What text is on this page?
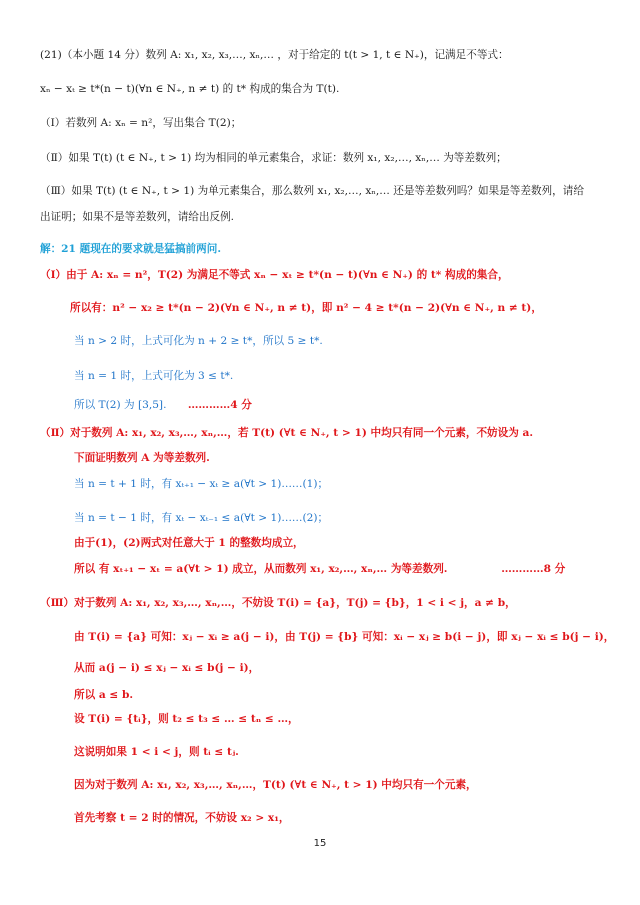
(21)（本小题 14 分）数列 A: x₁, x₂, x₃,…, xₙ,… ，对于给定的 t(t > 1, t ∈ N₊)，记满足不等式：
xₙ − xₜ ≥ t*(n − t)(∀n ∈ N₊, n ≠ t) 的 t* 构成的集合为 T(t).
（Ⅰ）若数列 A: xₙ = n²，写出集合 T(2)；
（Ⅱ）如果 T(t) (t ∈ N₊, t > 1) 均为相同的单元素集合，求证：数列 x₁, x₂,…, xₙ,… 为等差数列；
（Ⅲ）如果 T(t) (t ∈ N₊, t > 1) 为单元素集合，那么数列 x₁, x₂,…, xₙ,… 还是等差数列吗？如果是等差数列，请给
出证明；如果不是等差数列，请给出反例.
解：21 题现在的要求就是猛搞前两问.
（Ⅰ）由于 A: xₙ = n²，T(2) 为满足不等式 xₙ − xₜ ≥ t*(n − t)(∀n ∈ N₊) 的 t* 构成的集合，
所以有：n² − x₂ ≥ t*(n − 2)(∀n ∈ N₊, n ≠ t)，即 n² − 4 ≥ t*(n − 2)(∀n ∈ N₊, n ≠ t)，
当 n > 2 时，上式可化为 n + 2 ≥ t*，所以 5 ≥ t*.
当 n = 1 时，上式可化为 3 ≤ t*.
所以 T(2) 为 [3,5]. …………4 分
（Ⅱ）对于数列 A: x₁, x₂, x₃,…, xₙ,…，若 T(t) (∀t ∈ N₊, t > 1) 中均只有同一个元素，不妨设为 a.
下面证明数列 A 为等差数列.
当 n = t + 1 时，有 xₜ₊₁ − xₜ ≥ a(∀t > 1)……(1)；
当 n = t − 1 时，有 xₜ − xₜ₋₁ ≤ a(∀t > 1)……(2)；
由于(1)，(2)两式对任意大于 1 的整数均成立，
所以 有 xₜ₊₁ − xₜ = a(∀t > 1) 成立，从而数列 x₁, x₂,…, xₙ,… 为等差数列.	…………8 分
（Ⅲ）对于数列 A: x₁, x₂, x₃,…, xₙ,…，不妨设 T(i) = {a}，T(j) = {b}，1 < i < j，a ≠ b，
由 T(i) = {a} 可知：xⱼ − xᵢ ≥ a(j − i)，由 T(j) = {b} 可知：xᵢ − xⱼ ≥ b(i − j)，即 xⱼ − xᵢ ≤ b(j − i)，
从而 a(j − i) ≤ xⱼ − xᵢ ≤ b(j − i)，
所以 a ≤ b.
设 T(i) = {tᵢ}，则 t₂ ≤ t₃ ≤ … ≤ tₙ ≤ …，
这说明如果 1 < i < j，则 tᵢ ≤ tⱼ.
因为对于数列 A: x₁, x₂, x₃,…, xₙ,…，T(t) (∀t ∈ N₊, t > 1) 中均只有一个元素，
首先考察 t = 2 时的情况，不妨设 x₂ > x₁，
15
